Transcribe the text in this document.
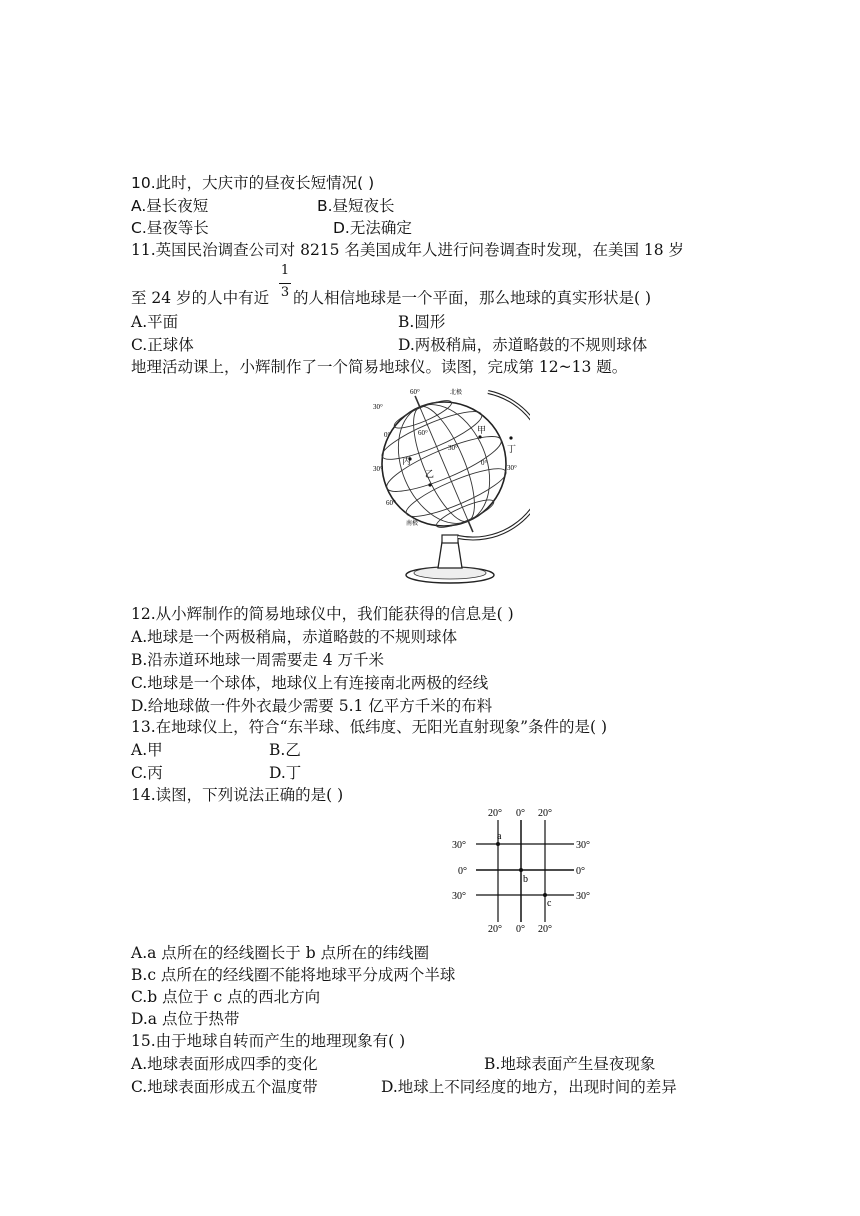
10.此时，大庆市的昼夜长短情况( )
A.昼长夜短	B.昼短夜长
C.昼夜等长	D.无法确定
11.英国民治调查公司对 8215 名美国成年人进行问卷调查时发现，在美国 18 岁
1
3
至 24 岁的人中有近 的人相信地球是一个平面，那么地球的真实形状是( )
A.平面	B.圆形
C.正球体	D.两极稍扁，赤道略鼓的不规则球体
地理活动课上，小辉制作了一个简易地球仪。读图，完成第 12~13 题。
北极
南极
60°
30°
0°
30°
60°
30°
60°
30°
0°
甲
乙
丙
丁
12.从小辉制作的简易地球仪中，我们能获得的信息是( )
A.地球是一个两极稍扁，赤道略鼓的不规则球体
B.沿赤道环地球一周需要走 4 万千米
C.地球是一个球体，地球仪上有连接南北两极的经线
D.给地球做一件外衣最少需要 5.1 亿平方千米的布料
13.在地球仪上，符合“东半球、低纬度、无阳光直射现象”条件的是( )
A.甲	B.乙
C.丙	D.丁
14.读图，下列说法正确的是( )
20° 0° 20°
20° 0° 20°
30°
0°
30°
30°
0°
30°
a
b
c
A.a 点所在的经线圈长于 b 点所在的纬线圈
B.c 点所在的经线圈不能将地球平分成两个半球
C.b 点位于 c 点的西北方向
D.a 点位于热带
15.由于地球自转而产生的地理现象有( )
A.地球表面形成四季的变化	B.地球表面产生昼夜现象
C.地球表面形成五个温度带	D.地球上不同经度的地方，出现时间的差异
